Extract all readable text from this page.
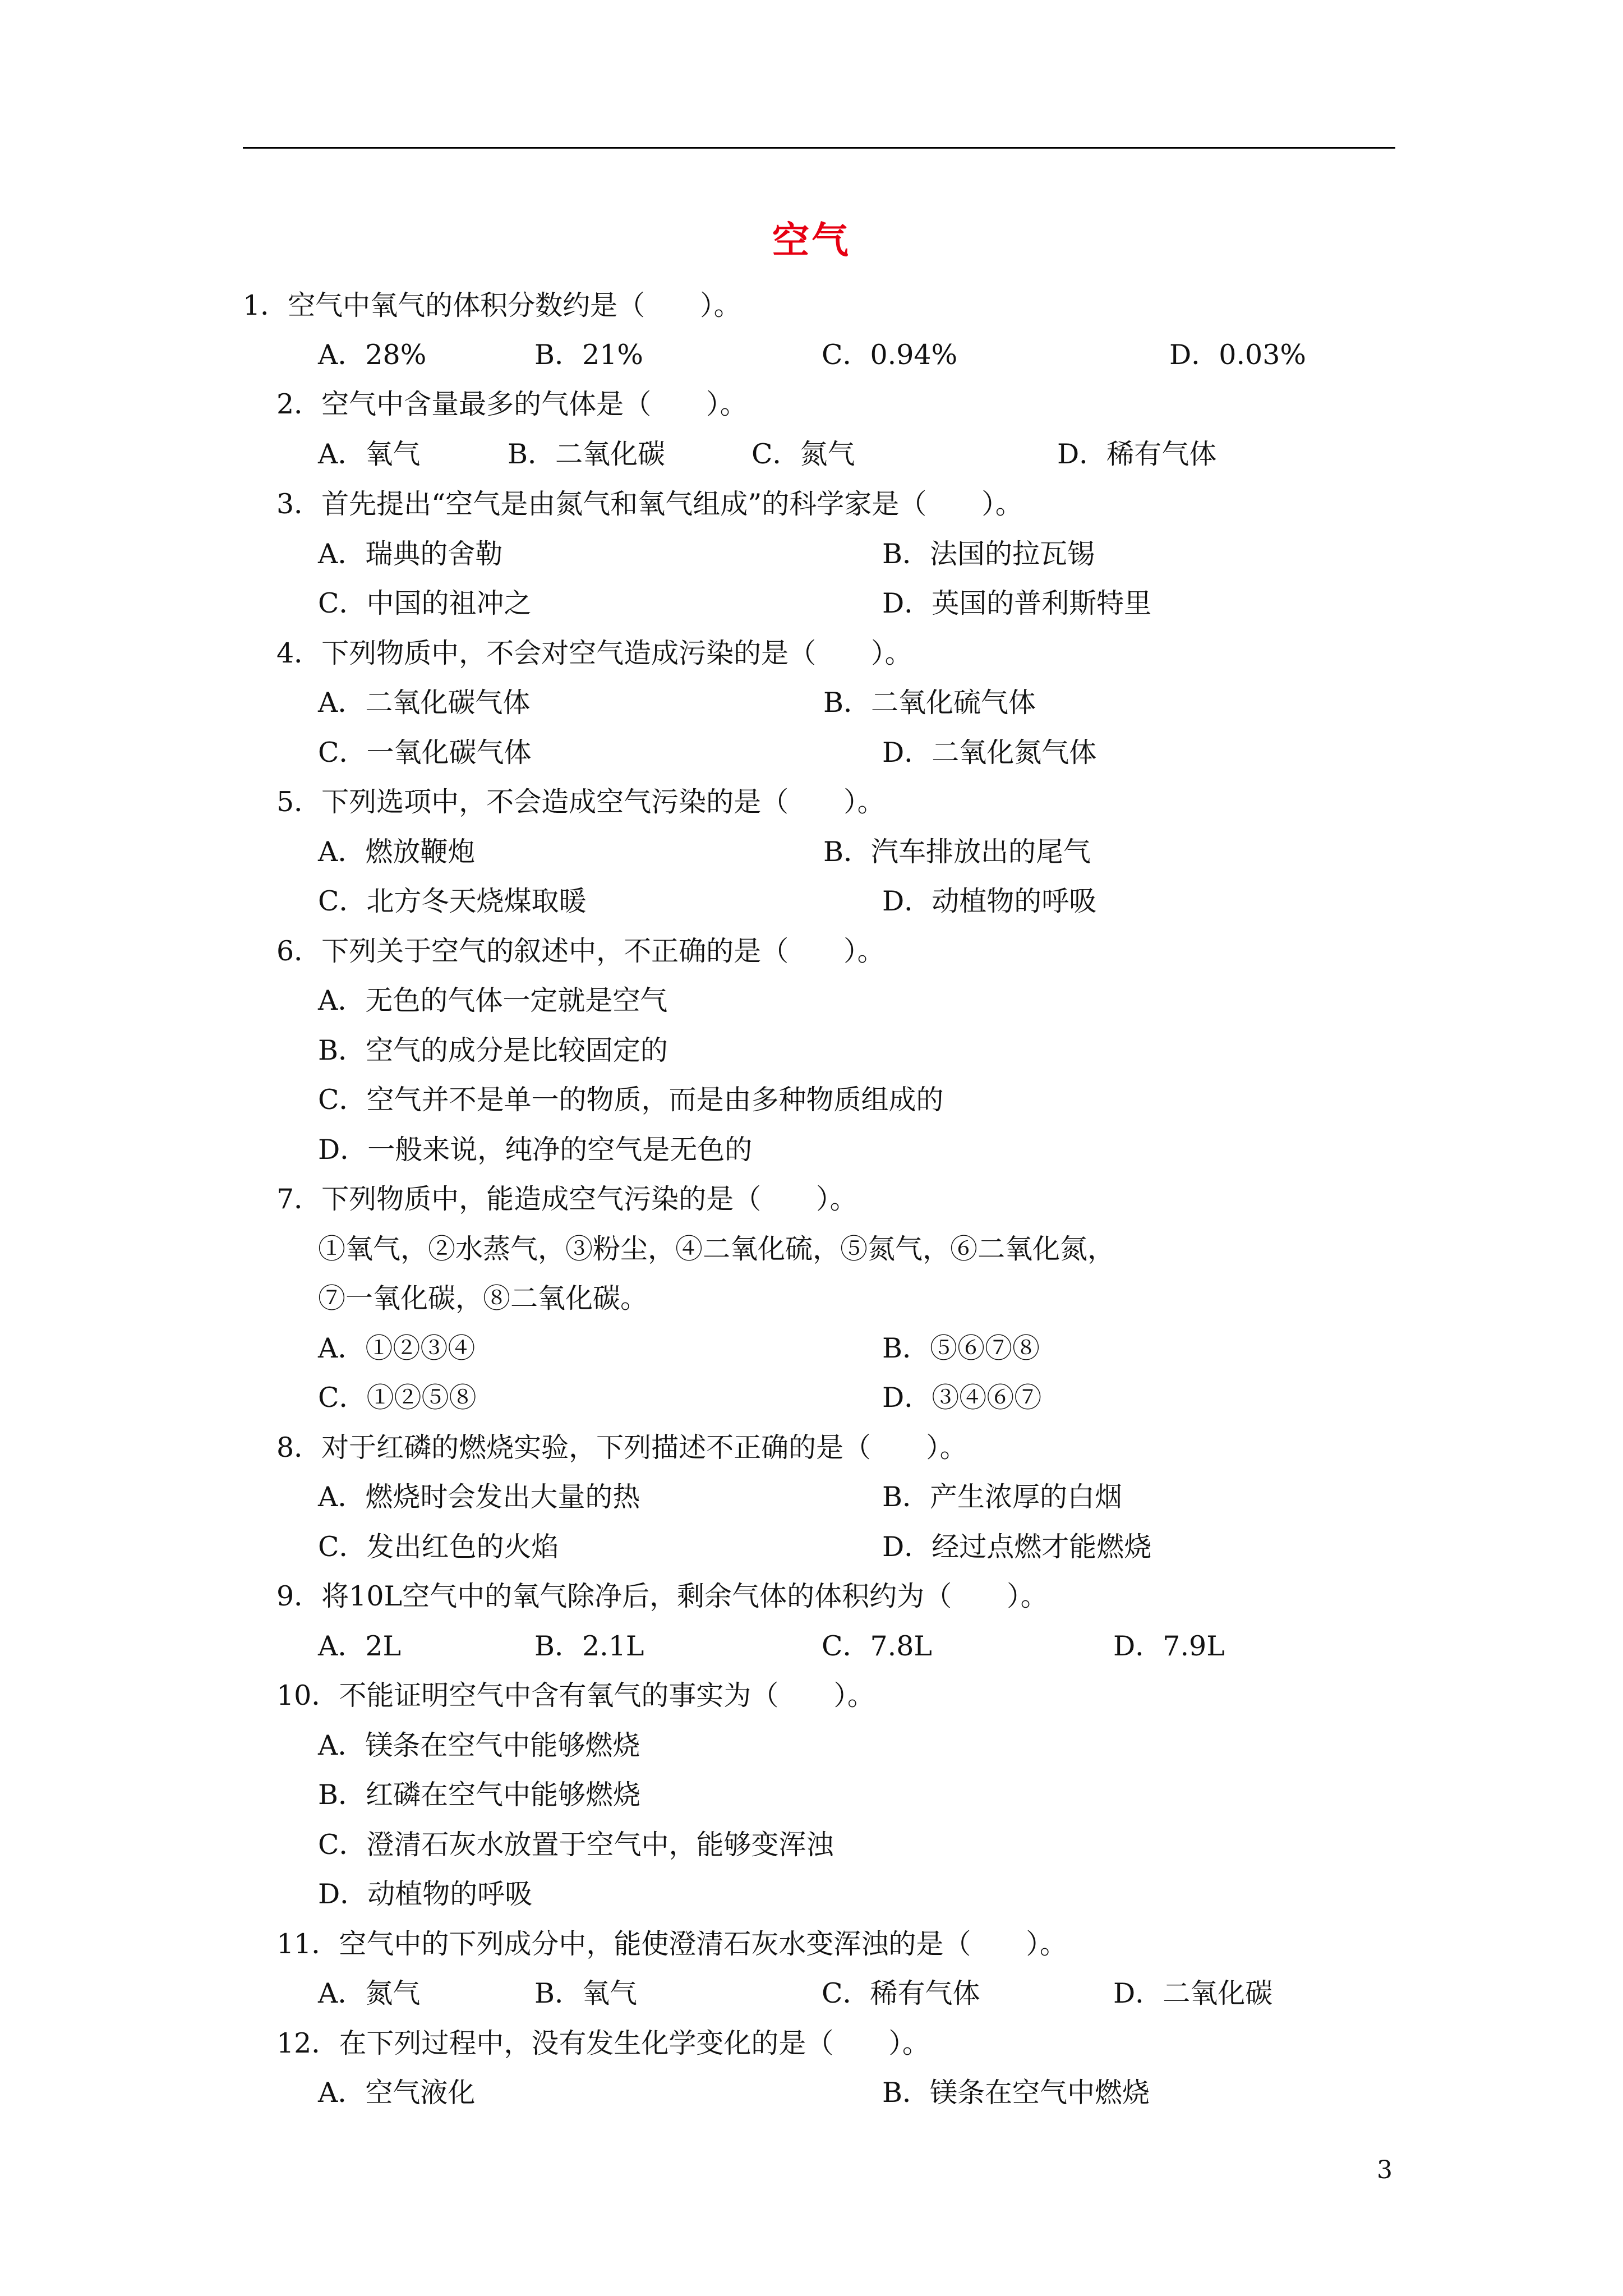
空气
1．空气中氧气的体积分数约是（　　）。
A．28%	B．21%	C．0.94%	D．0.03%
2．空气中含量最多的气体是（　　）。
A．氧气	B．二氧化碳	C．氮气	D．稀有气体
3．首先提出“空气是由氮气和氧气组成”的科学家是（　　）。
A．瑞典的舍勒	B．法国的拉瓦锡
C．中国的祖冲之	D．英国的普利斯特里
4．下列物质中，不会对空气造成污染的是（　　）。
A．二氧化碳气体	B．二氧化硫气体
C．一氧化碳气体	D．二氧化氮气体
5．下列选项中，不会造成空气污染的是（　　）。
A．燃放鞭炮	B．汽车排放出的尾气
C．北方冬天烧煤取暖	D．动植物的呼吸
6．下列关于空气的叙述中，不正确的是（　　）。
A．无色的气体一定就是空气
B．空气的成分是比较固定的
C．空气并不是单一的物质，而是由多种物质组成的
D．一般来说，纯净的空气是无色的
7．下列物质中，能造成空气污染的是（　　）。
①氧气，②水蒸气，③粉尘，④二氧化硫，⑤氮气，⑥二氧化氮，
⑦一氧化碳，⑧二氧化碳。
A．①②③④	B．⑤⑥⑦⑧
C．①②⑤⑧	D．③④⑥⑦
8．对于红磷的燃烧实验，下列描述不正确的是（　　）。
A．燃烧时会发出大量的热	B．产生浓厚的白烟
C．发出红色的火焰	D．经过点燃才能燃烧
9．将10L空气中的氧气除净后，剩余气体的体积约为（　　）。
A．2L	B．2.1L	C．7.8L	D．7.9L
10．不能证明空气中含有氧气的事实为（　　）。
A．镁条在空气中能够燃烧
B．红磷在空气中能够燃烧
C．澄清石灰水放置于空气中，能够变浑浊
D．动植物的呼吸
11．空气中的下列成分中，能使澄清石灰水变浑浊的是（　　）。
A．氮气	B．氧气	C．稀有气体	D．二氧化碳
12．在下列过程中，没有发生化学变化的是（　　）。
A．空气液化	B．镁条在空气中燃烧
3
